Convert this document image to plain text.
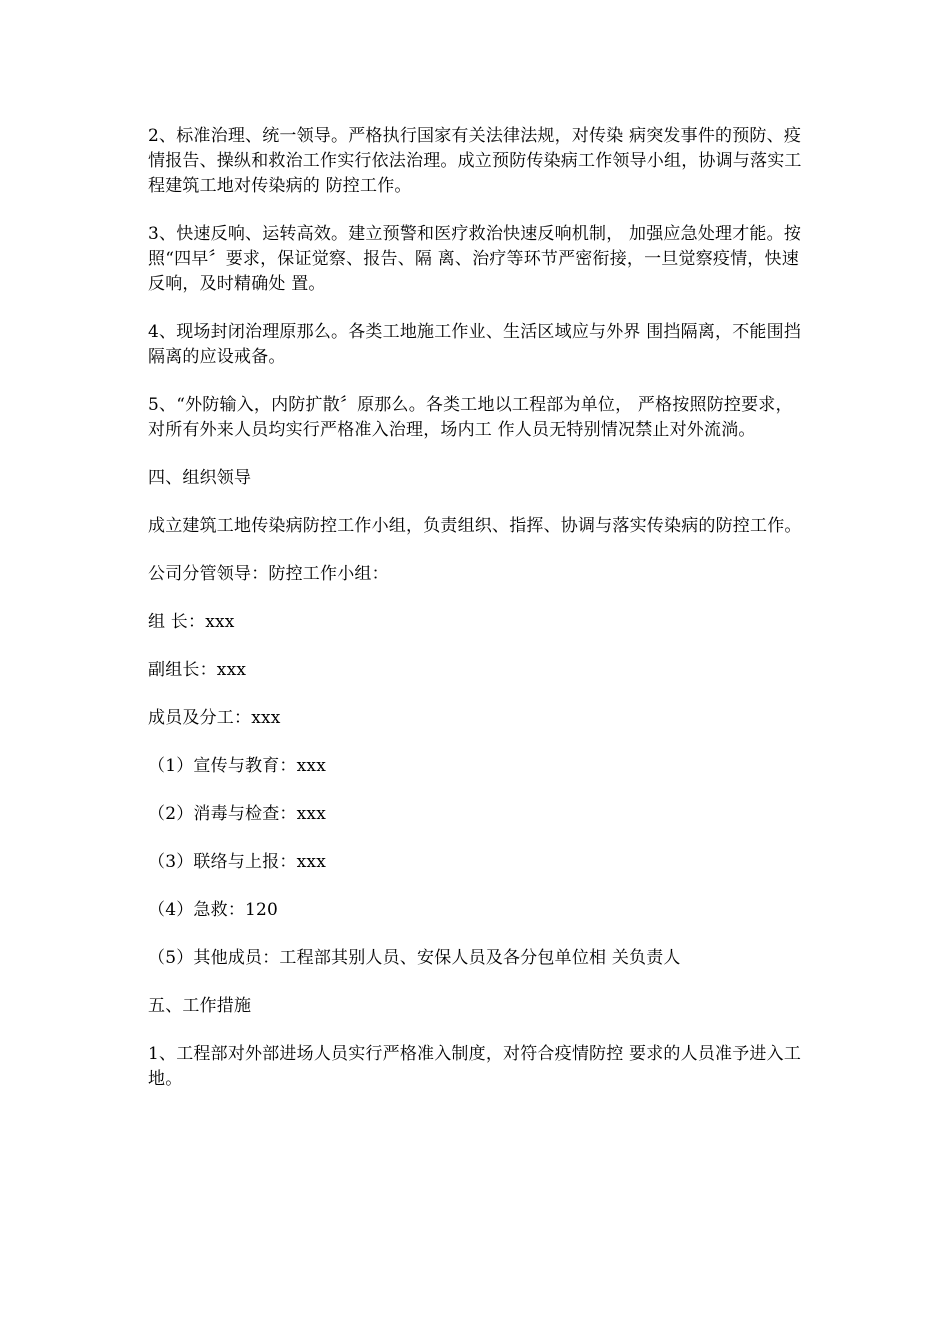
2、标准治理、统一领导。严格执行国家有关法律法规，对传染 病突发事件的预防、疫情报告、操纵和救治工作实行依法治理。成立预防传染病工作领导小组，协调与落实工程建筑工地对传染病的 防控工作。

3、快速反响、运转高效。建立预警和医疗救治快速反响机制， 加强应急处理才能。按照“四早〞要求，保证觉察、报告、隔 离、治疗等环节严密衔接，一旦觉察疫情，快速反响，及时精确处 置。

4、现场封闭治理原那么。各类工地施工作业、生活区域应与外界 围挡隔离，不能围挡隔离的应设戒备。

5、“外防输入，内防扩散〞原那么。各类工地以工程部为单位， 严格按照防控要求，对所有外来人员均实行严格准入治理，场内工 作人员无特别情况禁止对外流淌。

四、组织领导

成立建筑工地传染病防控工作小组，负责组织、指挥、协调与落实传染病的防控工作。

公司分管领导：防控工作小组：

组 长：xxx

副组长：xxx

成员及分工：xxx

（1）宣传与教育：xxx

（2）消毒与检查：xxx

（3）联络与上报：xxx

（4）急救：120

（5）其他成员：工程部其别人员、安保人员及各分包单位相 关负责人

五、工作措施

1、工程部对外部进场人员实行严格准入制度，对符合疫情防控 要求的人员准予进入工地。
